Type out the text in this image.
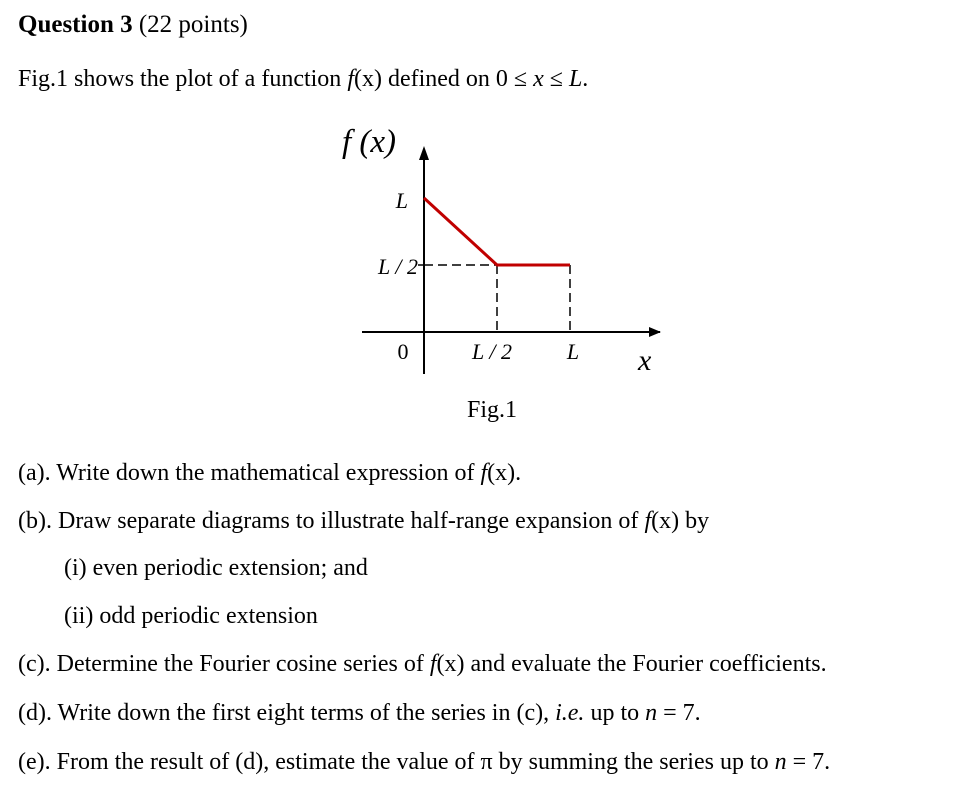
Question 3 (22 points)
Fig.1 shows the plot of a function f(x) defined on 0 ≤ x ≤ L.
f (x)
x
L
L / 2
0	L / 2 L
Fig.1
(a). Write down the mathematical expression of f(x).
(b). Draw separate diagrams to illustrate half-range expansion of f(x) by
(i) even periodic extension; and
(ii) odd periodic extension
(c). Determine the Fourier cosine series of f(x) and evaluate the Fourier coefficients.
(d). Write down the first eight terms of the series in (c), i.e. up to n = 7.
(e). From the result of (d), estimate the value of π by summing the series up to n = 7.
